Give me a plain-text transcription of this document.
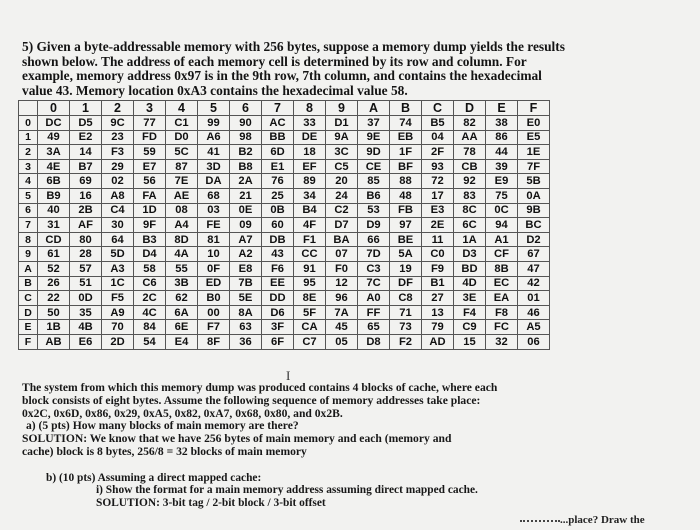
5) Given a byte-addressable memory with 256 bytes, suppose a memory dump yields the results
shown below. The address of each memory cell is determined by its row and column. For
example, memory address 0x97 is in the 9th row, 7th column, and contains the hexadecimal
value 43. Memory location 0xA3 contains the hexadecimal value 58.
	0	1	2	3	4	5	6	7	8	9	A	B	C	D	E	F
0	DC	D5	9C	77	C1	99	90	AC	33	D1	37	74	B5	82	38	E0
1	49	E2	23	FD	D0	A6	98	BB	DE	9A	9E	EB	04	AA	86	E5
2	3A	14	F3	59	5C	41	B2	6D	18	3C	9D	1F	2F	78	44	1E
3	4E	B7	29	E7	87	3D	B8	E1	EF	C5	CE	BF	93	CB	39	7F
4	6B	69	02	56	7E	DA	2A	76	89	20	85	88	72	92	E9	5B
5	B9	16	A8	FA	AE	68	21	25	34	24	B6	48	17	83	75	0A
6	40	2B	C4	1D	08	03	0E	0B	B4	C2	53	FB	E3	8C	0C	9B
7	31	AF	30	9F	A4	FE	09	60	4F	D7	D9	97	2E	6C	94	BC
8	CD	80	64	B3	8D	81	A7	DB	F1	BA	66	BE	11	1A	A1	D2
9	61	28	5D	D4	4A	10	A2	43	CC	07	7D	5A	C0	D3	CF	67
A	52	57	A3	58	55	0F	E8	F6	91	F0	C3	19	F9	BD	8B	47
B	26	51	1C	C6	3B	ED	7B	EE	95	12	7C	DF	B1	4D	EC	42
C	22	0D	F5	2C	62	B0	5E	DD	8E	96	A0	C8	27	3E	EA	01
D	50	35	A9	4C	6A	00	8A	D6	5F	7A	FF	71	13	F4	F8	46
E	1B	4B	70	84	6E	F7	63	3F	CA	45	65	73	79	C9	FC	A5
F	AB	E6	2D	54	E4	8F	36	6F	C7	05	D8	F2	AD	15	32	06
I
The system from which this memory dump was produced contains 4 blocks of cache, where each
block consists of eight bytes. Assume the following sequence of memory addresses take place:
0x2C, 0x6D, 0x86, 0x29, 0xA5, 0x82, 0xA7, 0x68, 0x80, and 0x2B.
a) (5 pts) How many blocks of main memory are there?
SOLUTION: We know that we have 256 bytes of main memory and each (memory and
cache) block is 8 bytes, 256/8 = 32 blocks of main memory
b) (10 pts) Assuming a direct mapped cache:
i) Show the format for a main memory address assuming direct mapped cache.
SOLUTION: 3-bit tag / 2-bit block / 3-bit offset
...place? Draw the
